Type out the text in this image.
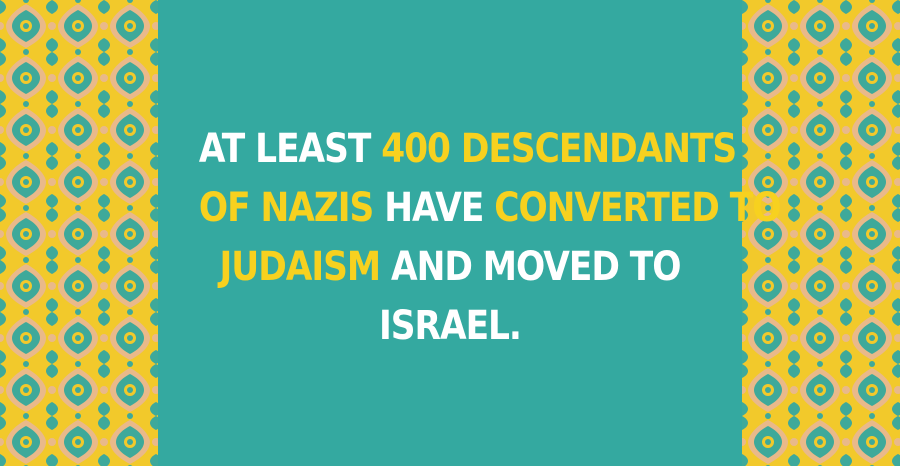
AT LEAST 400 DESCENDANTS
OF NAZIS HAVE CONVERTED TO
JUDAISM AND MOVED TO
ISRAEL.
